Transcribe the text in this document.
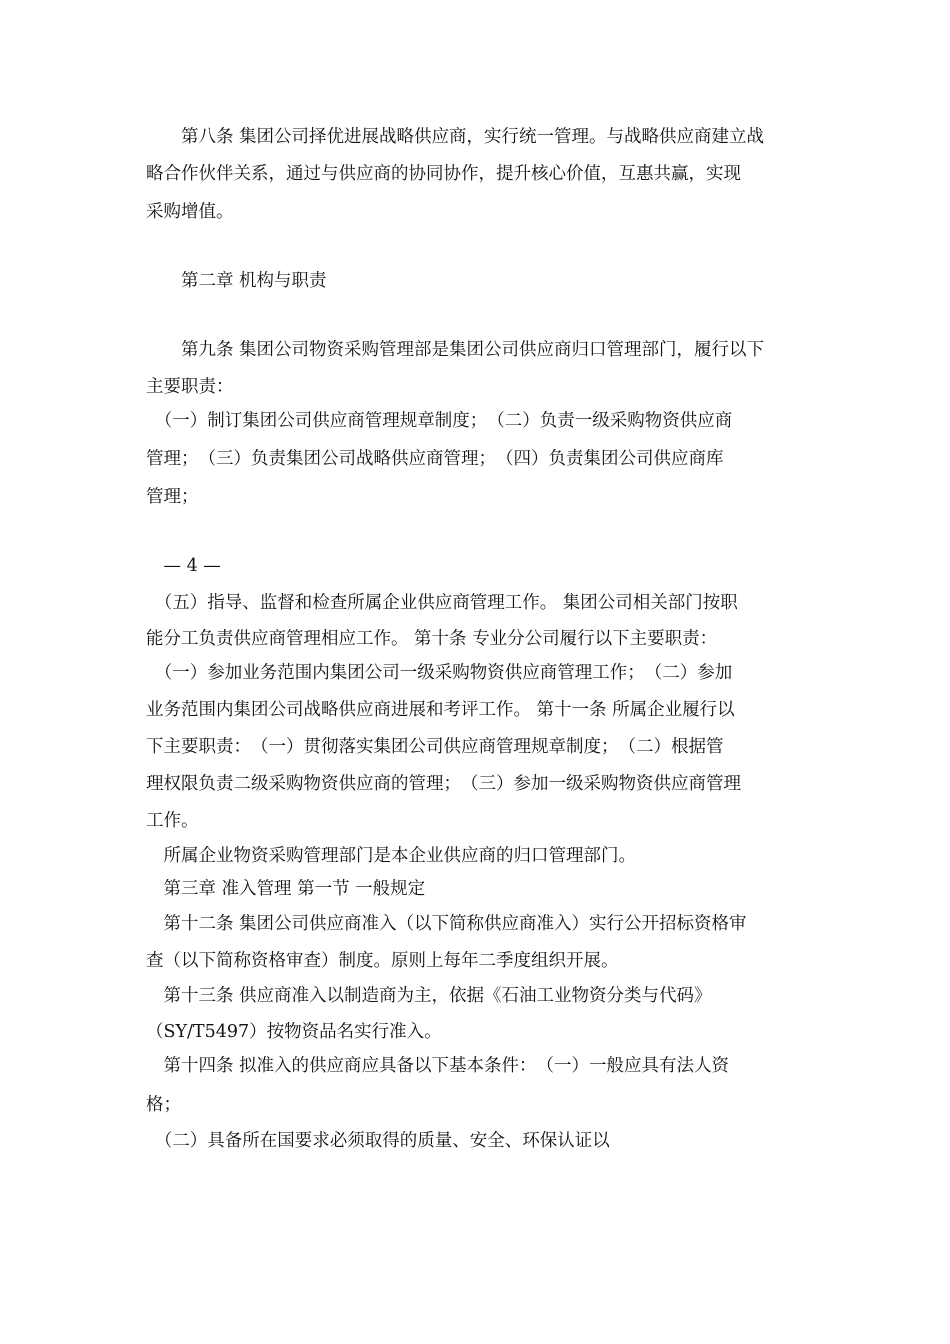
　　第八条 集团公司择优进展战略供应商，实行统一管理。与战略供应商建立战
略合作伙伴关系，通过与供应商的协同协作，提升核心价值，互惠共赢，实现
采购增值。
　　第二章 机构与职责
　　第九条 集团公司物资采购管理部是集团公司供应商归口管理部门，履行以下
主要职责：
　（一）制订集团公司供应商管理规章制度；　（二）负责一级采购物资供应商
管理；　（三）负责集团公司战略供应商管理；　（四）负责集团公司供应商库
管理；
　— 4 —
　（五）指导、监督和检查所属企业供应商管理工作。 集团公司相关部门按职
能分工负责供应商管理相应工作。 第十条 专业分公司履行以下主要职责：
　（一）参加业务范围内集团公司一级采购物资供应商管理工作；　（二）参加
业务范围内集团公司战略供应商进展和考评工作。 第十一条 所属企业履行以
下主要职责：　（一）贯彻落实集团公司供应商管理规章制度；　（二）根据管
理权限负责二级采购物资供应商的管理；　（三）参加一级采购物资供应商管理
工作。
　所属企业物资采购管理部门是本企业供应商的归口管理部门。
　第三章 准入管理 第一节 一般规定
　第十二条 集团公司供应商准入（以下简称供应商准入）实行公开招标资格审
查（以下简称资格审查）制度。原则上每年二季度组织开展。
　第十三条 供应商准入以制造商为主，依据《石油工业物资分类与代码》
（SY/T5497）按物资品名实行准入。
　第十四条 拟准入的供应商应具备以下基本条件：　（一）一般应具有法人资
格；
　（二）具备所在国要求必须取得的质量、安全、环保认证以
